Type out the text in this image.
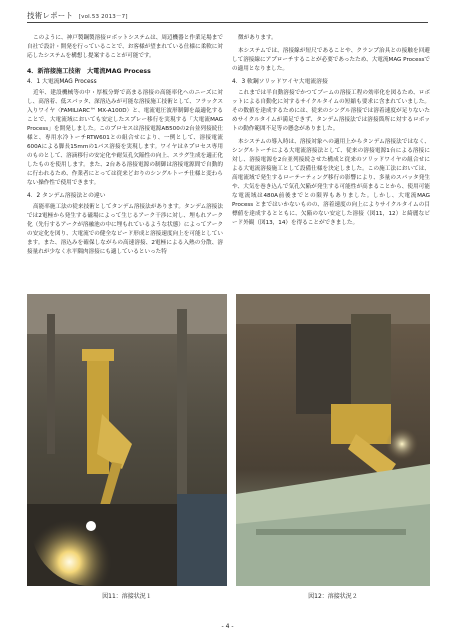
技術レポート [vol.53 2013－7]

このように、神戸製鋼製溶接ロボットシステムは、周辺機器と作業足場まで自社で設計・開発を行っていることで、お客様が望まれている仕様に柔軟に対応したシステムを構想し提案することが可能です。

4．新溶接施工技術　大電流MAG Process
4．1 大電流MAG Process

近年、建設機械等の中・厚板分野で高まる溶接の高能率化へのニーズに対し、高溶着、低スパッタ、深溶込みが可能な溶接施工技術として、フラックス入りワイヤ〈FAMILIARC™ MX-A100D〉と、電流電圧波形制御を最適化することで、大電流域においても安定したスプレー移行を実現する「大電流MAG Process」を開発しました。このプロセスは溶接電源AB500の2台並列接続仕様と、専用水冷トーチRTW601との組合せにより、一例として、溶接電流600Aによる脚長15mmの1パス溶接を実現します。ワイヤはネプロセス専用のものとして、溶滴移行の安定化や耐気孔欠陥性の向上、スラグ生成を適正化したものを使用します。また、2台ある溶接電源の制御は溶接電源間で自動的に行われるため、作業者にとっては従来どおりのシングルトーチ仕様と変わらない操作性で使用できます。

4．2 タンデム溶接法との違い

高能率施工法の従来技術としてタンデム溶接法があります。タンデム溶接法では2電極から発生する磁場によって生じるアーク干渉に対し、埋もれアーク化（先行するアークが溶融池の中に埋もれているような状態）によってアークの安定化を図り、大電流での健全なビード形成と溶接速度向上を可能としています。また、溶込みを確保しながらの高速溶接、2電極による入熱の分散、溶接量れが少なく水平隅肉溶接にも適しているといった特

徴があります。

本システムでは、溶接線が短尺であることや、クランプ治具との接触を回避して溶接線にアプローチすることが必要であったため、大電流MAG Processでの適用となりました。

4．3 軟鋼ソリッドワイヤ大電流溶接

これまでは半自動溶接でかつてブームの溶接工程の効率化を図るため、ロボットによる自動化に対するサイクルタイムの短縮も要求に含まれていました。その数値を達成するためには、従来のシングル溶接では溶着速度が足りないためサイクルタイムが満足できず、タンデム溶接法では溶接箇所に対するロボットの動作範囲不足等の懸念がありました。

本システムの導入時は、溶接対象への適用上からタンデム溶接法ではなく、シングルトーチによる大電流溶接法として、従来の溶接電源1台による溶接に対し、溶接電源を2台並列接続させた構成と従来のソリッドワイヤの組合せによる大電流溶接施工として設備仕様を決定しました。この施工法においては、高電流域で発生するローテーティング移行の影響により、多量のスパッタ発生や、大気を巻き込んで気孔欠陥が発生する可能性が高まることから、使用可能な電流域は480A前後までとの限界もありました。しかし、大電流MAG Process とまではいかないものの、溶着速度の向上によりサイクルタイムの目標値を達成するとともに、欠陥のない安定した溶接（図11，12）と綺麗なビード外観（図13，14）を得ることができました。

図11：溶接状況１	図12：溶接状況２
- 4 -
